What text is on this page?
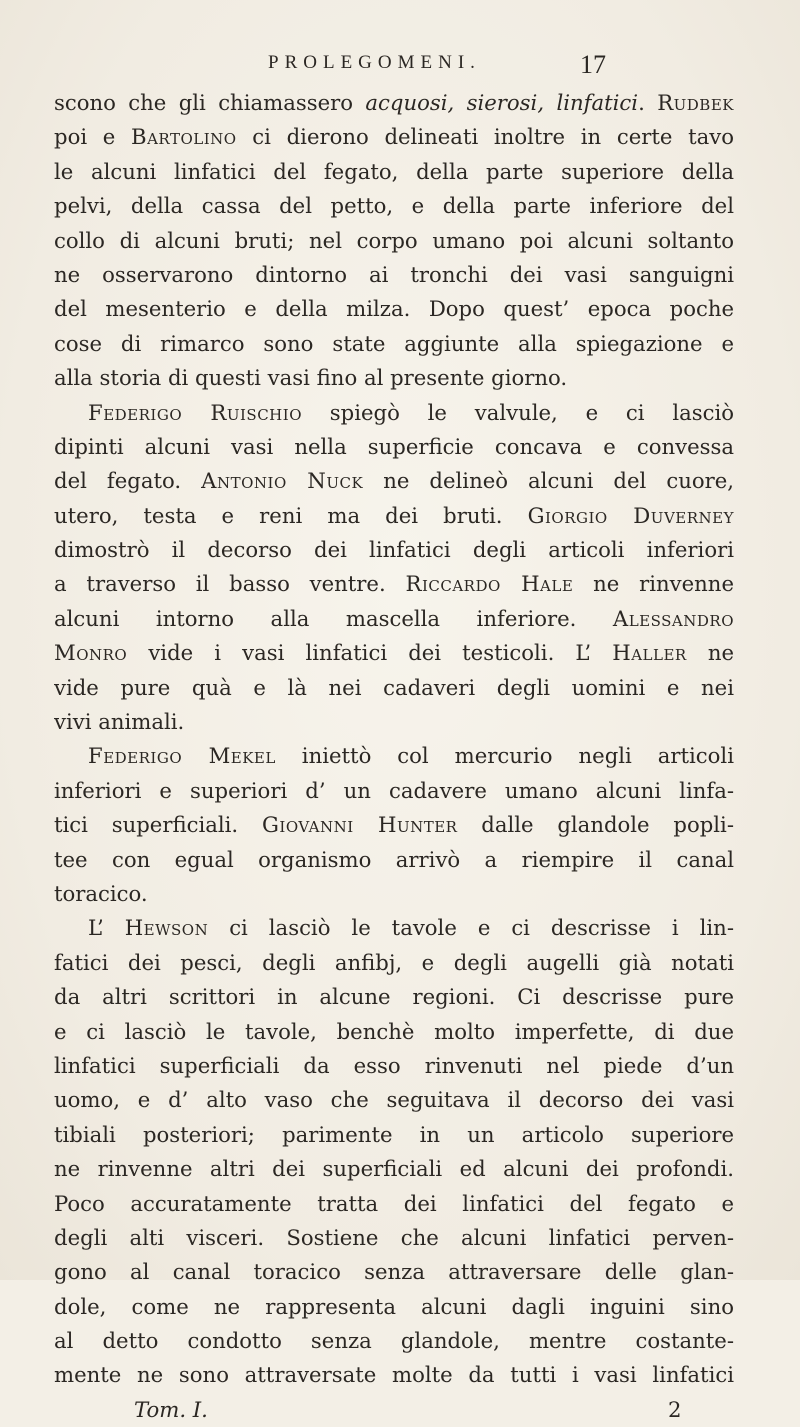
PROLEGOMENI.	17
scono che gli chiamassero acquosi, sierosi, linfatici. Rudbek
poi e Bartolino ci dierono delineati inoltre in certe tavo
le alcuni linfatici del fegato, della parte superiore della
pelvi, della cassa del petto, e della parte inferiore del
collo di alcuni bruti; nel corpo umano poi alcuni soltanto
ne osservarono dintorno ai tronchi dei vasi sanguigni
del mesenterio e della milza. Dopo quest’ epoca poche
cose di rimarco sono state aggiunte alla spiegazione e
alla storia di questi vasi fino al presente giorno.
Federigo Ruischio spiegò le valvule, e ci lasciò
dipinti alcuni vasi nella superficie concava e convessa
del fegato. Antonio Nuck ne delineò alcuni del cuore,
utero, testa e reni ma dei bruti. Giorgio Duverney
dimostrò il decorso dei linfatici degli articoli inferiori
a traverso il basso ventre. Riccardo Hale ne rinvenne
alcuni intorno alla mascella inferiore. Alessandro
Monro vide i vasi linfatici dei testicoli. L’ Haller ne
vide pure quà e là nei cadaveri degli uomini e nei
vivi animali.
Federigo Mekel iniettò col mercurio negli articoli
inferiori e superiori d’ un cadavere umano alcuni linfa-
tici superficiali. Giovanni Hunter dalle glandole popli-
tee con egual organismo arrivò a riempire il canal
toracico.
L’ Hewson ci lasciò le tavole e ci descrisse i lin-
fatici dei pesci, degli anfibj, e degli augelli già notati
da altri scrittori in alcune regioni. Ci descrisse pure
e ci lasciò le tavole, benchè molto imperfette, di due
linfatici superficiali da esso rinvenuti nel piede d’un
uomo, e d’ alto vaso che seguitava il decorso dei vasi
tibiali posteriori; parimente in un articolo superiore
ne rinvenne altri dei superficiali ed alcuni dei profondi.
Poco accuratamente tratta dei linfatici del fegato e
degli alti visceri. Sostiene che alcuni linfatici perven-
gono al canal toracico senza attraversare delle glan-
dole, come ne rappresenta alcuni dagli inguini sino
al detto condotto senza glandole, mentre costante-
mente ne sono attraversate molte da tutti i vasi linfatici
Tom. I.	2
